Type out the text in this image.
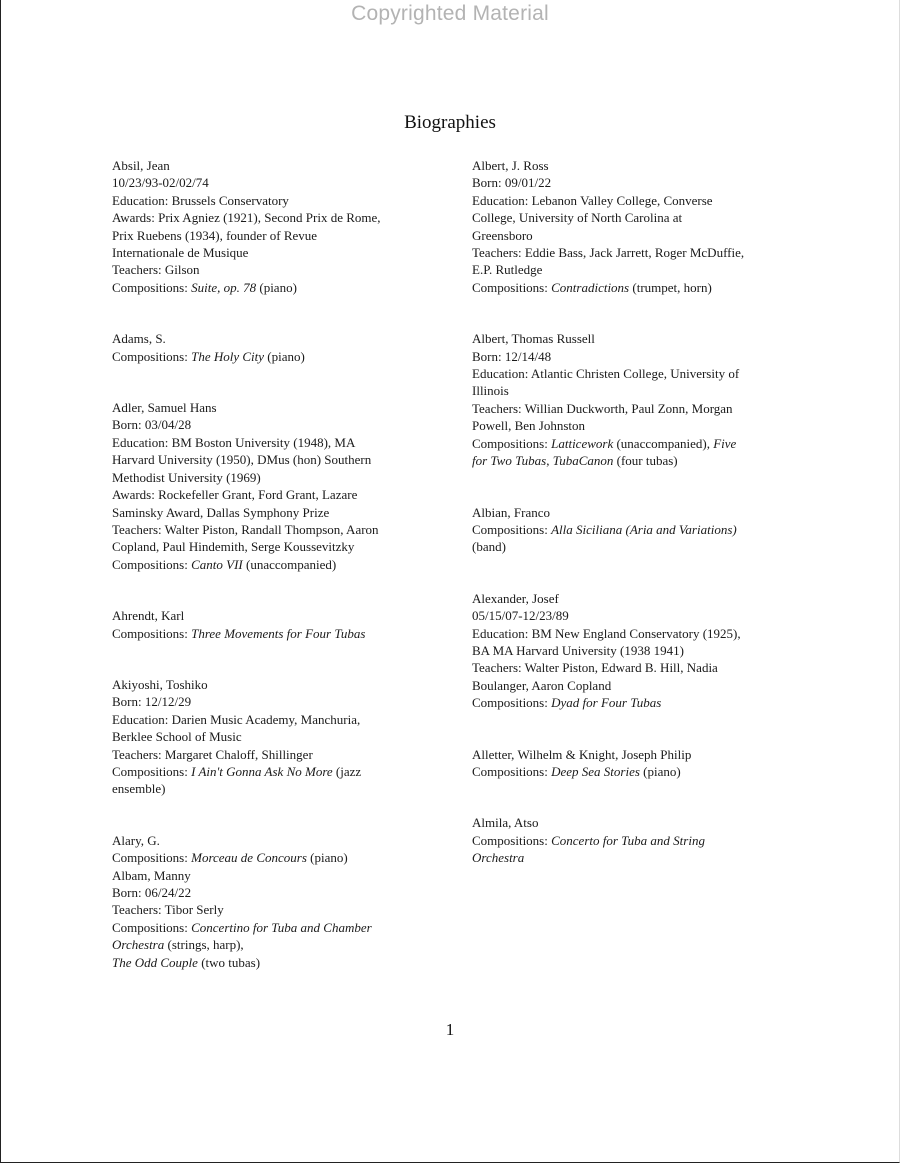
Copyrighted Material
Biographies
Absil, Jean
10/23/93-02/02/74
Education: Brussels Conservatory
Awards: Prix Agniez (1921), Second Prix de Rome,
Prix Ruebens (1934), founder of Revue
Internationale de Musique
Teachers: Gilson
Compositions: Suite, op. 78 (piano)
Adams, S.
Compositions: The Holy City (piano)
Adler, Samuel Hans
Born: 03/04/28
Education: BM Boston University (1948), MA
Harvard University (1950), DMus (hon) Southern
Methodist University (1969)
Awards: Rockefeller Grant, Ford Grant, Lazare
Saminsky Award, Dallas Symphony Prize
Teachers: Walter Piston, Randall Thompson, Aaron
Copland, Paul Hindemith, Serge Koussevitzky
Compositions: Canto VII (unaccompanied)
Ahrendt, Karl
Compositions: Three Movements for Four Tubas
Akiyoshi, Toshiko
Born: 12/12/29
Education: Darien Music Academy, Manchuria,
Berklee School of Music
Teachers: Margaret Chaloff, Shillinger
Compositions: I Ain't Gonna Ask No More (jazz
ensemble)
Alary, G.
Compositions: Morceau de Concours (piano)
Albam, Manny
Born: 06/24/22
Teachers: Tibor Serly
Compositions: Concertino for Tuba and Chamber
Orchestra (strings, harp),
The Odd Couple (two tubas)
Albert, J. Ross
Born: 09/01/22
Education: Lebanon Valley College, Converse
College, University of North Carolina at
Greensboro
Teachers: Eddie Bass, Jack Jarrett, Roger McDuffie,
E.P. Rutledge
Compositions: Contradictions (trumpet, horn)
Albert, Thomas Russell
Born: 12/14/48
Education: Atlantic Christen College, University of
Illinois
Teachers: Willian Duckworth, Paul Zonn, Morgan
Powell, Ben Johnston
Compositions: Latticework (unaccompanied), Five
for Two Tubas, TubaCanon (four tubas)
Albian, Franco
Compositions: Alla Siciliana (Aria and Variations)
(band)
Alexander, Josef
05/15/07-12/23/89
Education: BM New England Conservatory (1925),
BA MA Harvard University (1938 1941)
Teachers: Walter Piston, Edward B. Hill, Nadia
Boulanger, Aaron Copland
Compositions: Dyad for Four Tubas
Alletter, Wilhelm & Knight, Joseph Philip
Compositions: Deep Sea Stories (piano)
Almila, Atso
Compositions: Concerto for Tuba and String
Orchestra
1
